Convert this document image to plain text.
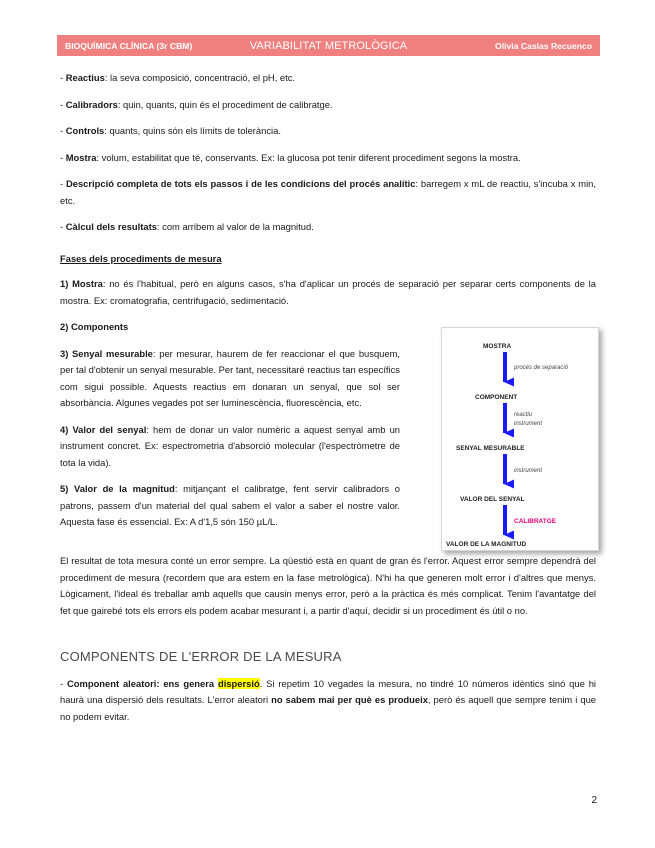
BIOQUÍMICA CLÍNICA (3r CBM)	VARIABILITAT METROLÒGICA	Olivia Caslas Recuenco

- Reactius: la seva composició, concentració, el pH, etc.

- Calibradors: quin, quants, quin és el procediment de calibratge.

- Controls: quants, quins són els límits de tolerància.

- Mostra: volum, estabilitat que té, conservants. Ex: la glucosa pot tenir diferent procediment segons la mostra.

- Descripció completa de tots els passos i de les condicions del procés analític: barregem x mL de reactiu, s'incuba x min, etc.

- Càlcul dels resultats: com arribem al valor de la magnitud.

Fases dels procediments de mesura

1) Mostra: no és l'habitual, però en alguns casos, s'ha d'aplicar un procés de separació per separar certs components de la mostra. Ex: cromatografia, centrifugació, sedimentació.

2) Components

3) Senyal mesurable: per mesurar, haurem de fer reaccionar el que busquem, per tal d'obtenir un senyal mesurable. Per tant, necessitaré reactius tan específics com sigui possible. Aquests reactius em donaran un senyal, que sol ser absorbància. Algunes vegades pot ser luminescència, fluorescència, etc.

4) Valor del senyal: hem de donar un valor numèric a aquest senyal amb un instrument concret. Ex: espectrometria d'absorció molecular (l'espectròmetre de tota la vida).

5) Valor de la magnitud: mitjançant el calibratge, fent servir calibradors o patrons, passem d'un material del qual sabem el valor a saber el nostre valor. Aquesta fase és essencial. Ex: A d'1,5 són 150 µL/L.

MOSTRA
procés de separació
COMPONENT
reactiu
instrument
SENYAL MESURABLE
instrument
VALOR DEL SENYAL
CALIBRATGE
VALOR DE LA MAGNITUD

El resultat de tota mesura conté un error sempre. La qüestió està en quant de gran és l'error. Aquest error sempre dependrà del procediment de mesura (recordem que ara estem en la fase metrològica). N'hi ha que generen molt error i d'altres que menys. Lògicament, l'ideal és treballar amb aquells que causin menys error, però a la pràctica és més complicat. Tenim l'avantatge del fet que gairebé tots els errors els podem acabar mesurant i, a partir d'aquí, decidir si un procediment és útil o no.

COMPONENTS DE L'ERROR DE LA MESURA

- Component aleatori: ens genera dispersió. Si repetim 10 vegades la mesura, no tindré 10 números idèntics sinó que hi haurà una dispersió dels resultats. L'error aleatori no sabem mai per què es produeix, però és aquell que sempre tenim i que no podem evitar.

2
